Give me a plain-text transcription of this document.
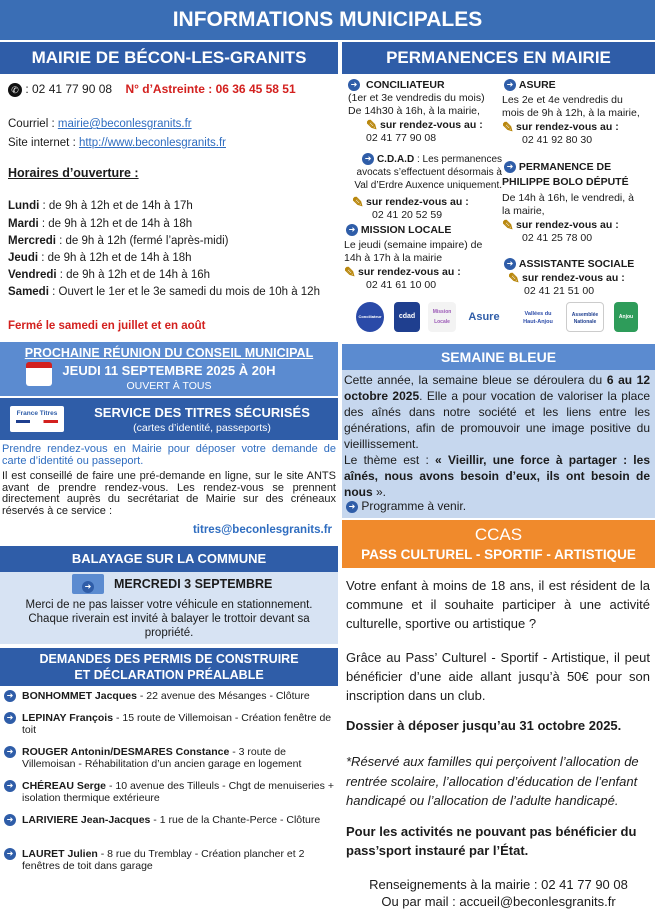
INFORMATIONS MUNICIPALES
MAIRIE DE BÉCON-LES-GRANITS
✆ : 02 41 77 90 08 N° d’Astreinte : 06 36 45 58 51
Courriel : mairie@beconlesgranits.fr
Site internet : http://www.beconlesgranits.fr
Horaires d’ouverture :
Lundi : de 9h à 12h et de 14h à 17h
Mardi : de 9h à 12h et de 14h à 18h
Mercredi : de 9h à 12h (fermé l’après-midi)
Jeudi : de 9h à 12h et de 14h à 18h
Vendredi : de 9h à 12h et de 14h à 16h
Samedi : Ouvert le 1er et le 3e samedi du mois de 10h à 12h
Fermé le samedi en juillet et en août
PROCHAINE RÉUNION DU CONSEIL MUNICIPAL
JEUDI 11 SEPTEMBRE 2025 À 20H
OUVERT À TOUS
France Titres	SERVICE DES TITRES SÉCURISÉS
(cartes d’identité, passeports)
Prendre rendez-vous en Mairie pour déposer votre demande de carte d’identité ou passeport.
Il est conseillé de faire une pré-demande en ligne, sur le site ANTS avant de prendre rendez-vous. Les rendez-vous se prennent directement auprès du secrétariat de Mairie sur des créneaux réservés à ce service :
titres@beconlesgranits.fr
BALAYAGE SUR LA COMMUNE
➜	MERCREDI 3 SEPTEMBRE
Merci de ne pas laisser votre véhicule en stationnement. Chaque riverain est invité à balayer le trottoir devant sa propriété.
DEMANDES DES PERMIS DE CONSTRUIRE
ET DÉCLARATION PRÉALABLE
➜ BONHOMMET Jacques - 22 avenue des Mésanges - Clôture
➜ LEPINAY François - 15 route de Villemoisan - Création fenêtre de toit
➜ ROUGER Antonin/DESMARES Constance - 3 route de Villemoisan - Réhabilitation d’un ancien garage en logement
➜ CHÉREAU Serge - 10 avenue des Tilleuls - Chgt de menuiseries + isolation thermique extérieure
➜ LARIVIERE Jean-Jacques - 1 rue de la Chante-Perce - Clôture
➜ LAURET Julien - 8 rue du Tremblay - Création plancher et 2 fenêtres de toit dans garage
PERMANENCES EN MAIRIE
➜ CONCILIATEUR
(1er et 3e vendredis du mois)
De 14h30 à 16h, à la mairie,
✎ sur rendez-vous au :
02 41 77 90 08
➜ C.D.A.D : Les permanences
avocats s’effectuent désormais à
Val d’Erdre Auxence uniquement.
✎ sur rendez-vous au :
02 41 20 52 59
➜ MISSION LOCALE
Le jeudi (semaine impaire) de
14h à 17h à la mairie
✎ sur rendez-vous au :
02 41 61 10 00
➜ ASURE
Les 2e et 4e vendredis du
mois de 9h à 12h, à la mairie,
✎ sur rendez-vous au :
02 41 92 80 30
➜ PERMANENCE DE
PHILIPPE BOLO DÉPUTÉ
De 14h à 16h, le vendredi, à
la mairie,
✎ sur rendez-vous au :
02 41 25 78 00
➜ ASSISTANTE SOCIALE
✎ sur rendez-vous au :
02 41 21 51 00
Conciliateur	cdad
Mission Locale	Asure	Vallées du Haut-Anjou
Assemblée Nationale
Anjou
SEMAINE BLEUE
Cette année, la semaine bleue se déroulera du 6 au 12 octobre 2025. Elle a pour vocation de valoriser la place des aînés dans notre société et les liens entre les générations, afin de promouvoir une image positive du vieillissement.
Le thème est : « Vieillir, une force à partager : les aînés, nous avons besoin d’eux, ils ont besoin de nous ».
➜ Programme à venir.
CCAS
PASS CULTUREL - SPORTIF - ARTISTIQUE
Votre enfant à moins de 18 ans, il est résident de la commune et il souhaite participer à une activité culturelle, sportive ou artistique ?
Grâce au Pass’ Culturel - Sportif - Artistique, il peut bénéficier d’une aide allant jusqu’à 50€ pour son inscription dans un club.
Dossier à déposer jusqu’au 31 octobre 2025.
*Réservé aux familles qui perçoivent l’allocation de rentrée scolaire, l’allocation d’éducation de l’enfant handicapé ou l’allocation de l’adulte handicapé.
Pour les activités ne pouvant pas bénéficier du pass’sport instauré par l’État.
Renseignements à la mairie : 02 41 77 90 08
Ou par mail : accueil@beconlesgranits.fr
